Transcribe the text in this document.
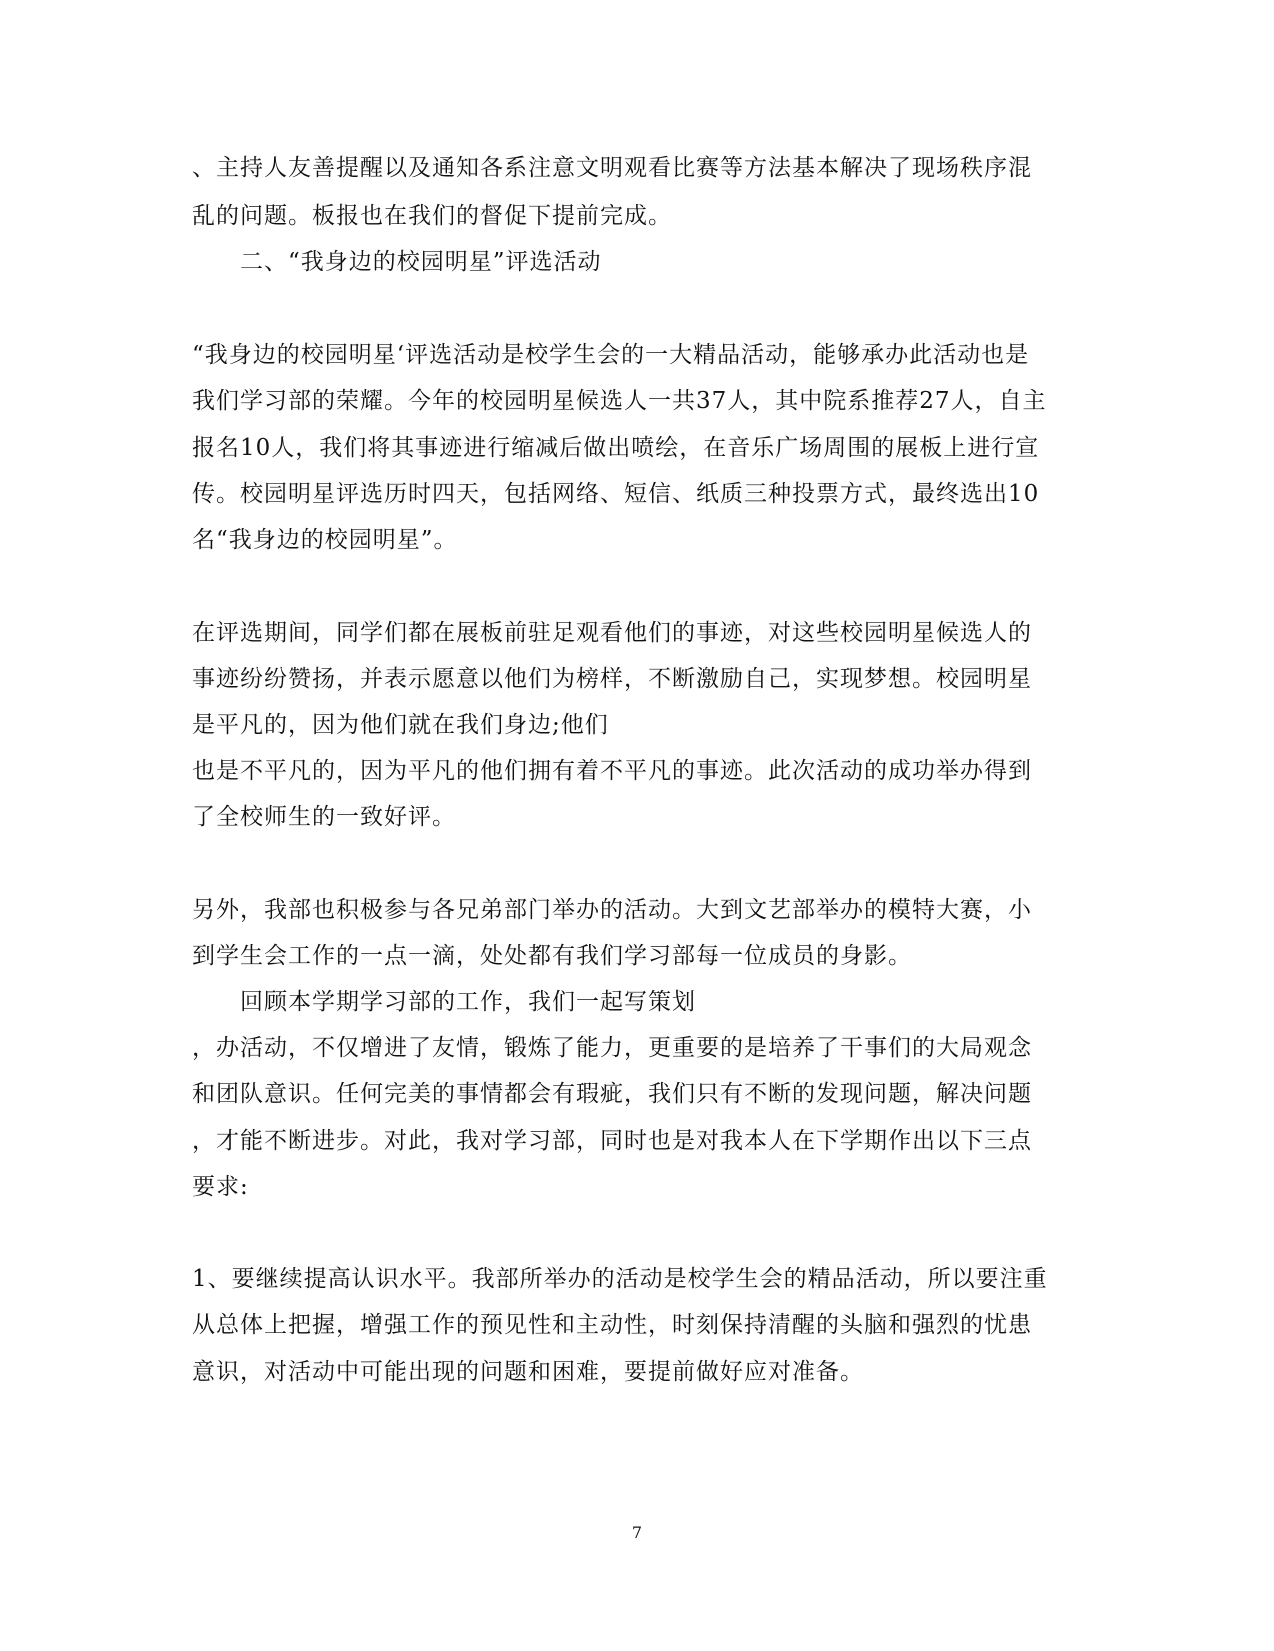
、主持人友善提醒以及通知各系注意文明观看比赛等方法基本解决了现场秩序混
乱的问题。板报也在我们的督促下提前完成。
二、“我身边的校园明星”评选活动
“我身边的校园明星‘评选活动是校学生会的一大精品活动，能够承办此活动也是
我们学习部的荣耀。今年的校园明星候选人一共37人，其中院系推荐27人，自主
报名10人，我们将其事迹进行缩减后做出喷绘，在音乐广场周围的展板上进行宣
传。校园明星评选历时四天，包括网络、短信、纸质三种投票方式，最终选出10
名“我身边的校园明星”。
在评选期间，同学们都在展板前驻足观看他们的事迹，对这些校园明星候选人的
事迹纷纷赞扬，并表示愿意以他们为榜样，不断激励自己，实现梦想。校园明星
是平凡的，因为他们就在我们身边;他们
也是不平凡的，因为平凡的他们拥有着不平凡的事迹。此次活动的成功举办得到
了全校师生的一致好评。
另外，我部也积极参与各兄弟部门举办的活动。大到文艺部举办的模特大赛，小
到学生会工作的一点一滴，处处都有我们学习部每一位成员的身影。
回顾本学期学习部的工作，我们一起写策划
，办活动，不仅增进了友情，锻炼了能力，更重要的是培养了干事们的大局观念
和团队意识。任何完美的事情都会有瑕疵，我们只有不断的发现问题，解决问题
，才能不断进步。对此，我对学习部，同时也是对我本人在下学期作出以下三点
要求:
1、要继续提高认识水平。我部所举办的活动是校学生会的精品活动，所以要注重
从总体上把握，增强工作的预见性和主动性，时刻保持清醒的头脑和强烈的忧患
意识，对活动中可能出现的问题和困难，要提前做好应对准备。
7
